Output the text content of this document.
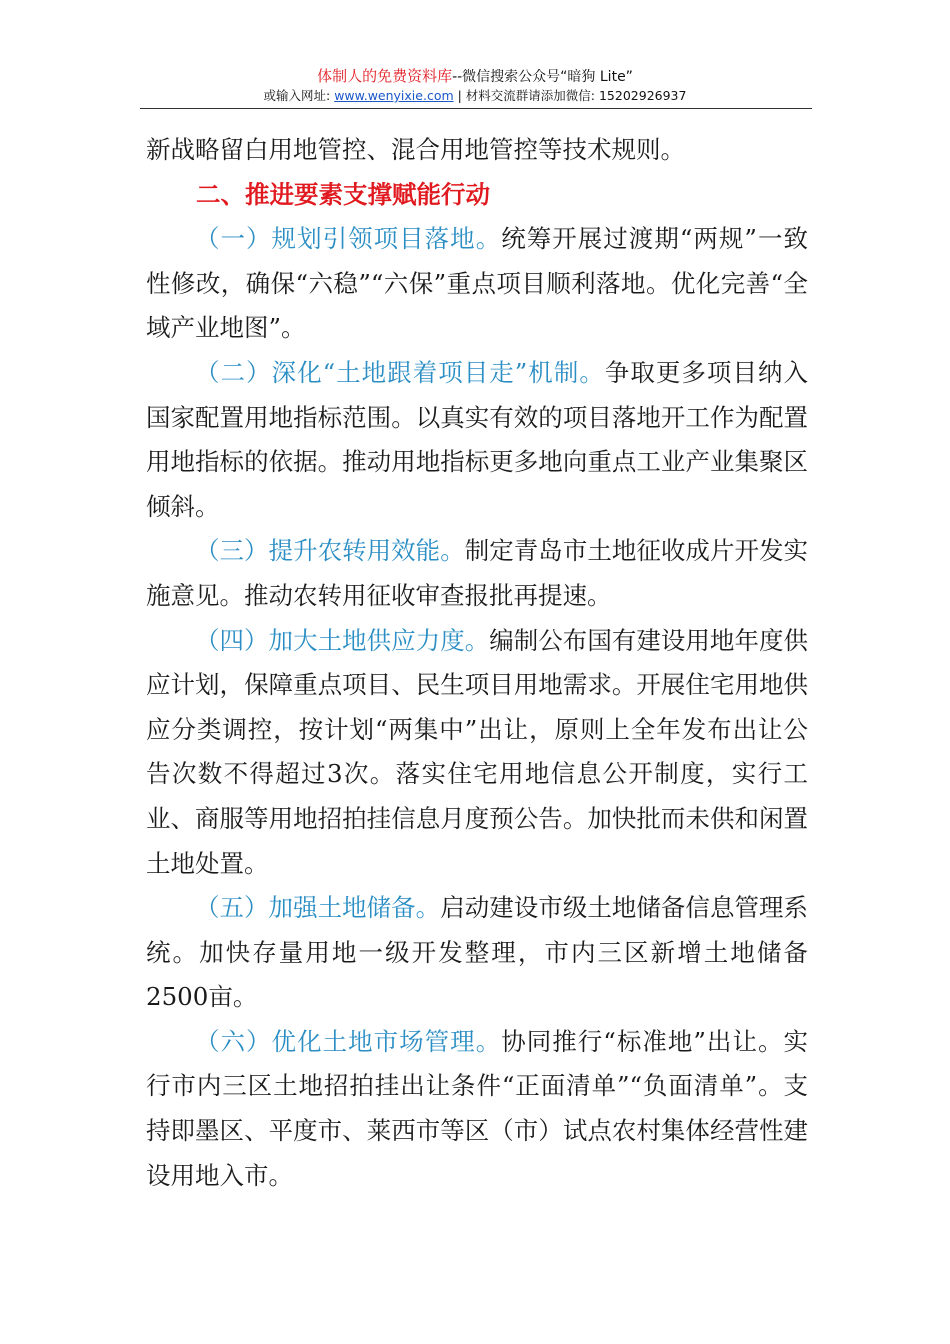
体制人的免费资料库--微信搜索公众号“暗狗 Lite”
或输入网址: www.wenyixie.com | 材料交流群请添加微信: 15202926937

新战略留白用地管控、混合用地管控等技术规则。

二、推进要素支撑赋能行动

（一）规划引领项目落地。统筹开展过渡期“两规”一致性修改，确保“六稳”“六保”重点项目顺利落地。优化完善“全域产业地图”。

（二）深化“土地跟着项目走”机制。争取更多项目纳入国家配置用地指标范围。以真实有效的项目落地开工作为配置用地指标的依据。推动用地指标更多地向重点工业产业集聚区倾斜。

（三）提升农转用效能。制定青岛市土地征收成片开发实施意见。推动农转用征收审查报批再提速。

（四）加大土地供应力度。编制公布国有建设用地年度供应计划，保障重点项目、民生项目用地需求。开展住宅用地供应分类调控，按计划“两集中”出让，原则上全年发布出让公告次数不得超过3次。落实住宅用地信息公开制度，实行工业、商服等用地招拍挂信息月度预公告。加快批而未供和闲置土地处置。

（五）加强土地储备。启动建设市级土地储备信息管理系统。加快存量用地一级开发整理，市内三区新增土地储备2500亩。

（六）优化土地市场管理。协同推行“标准地”出让。实行市内三区土地招拍挂出让条件“正面清单”“负面清单”。支持即墨区、平度市、莱西市等区（市）试点农村集体经营性建设用地入市。
